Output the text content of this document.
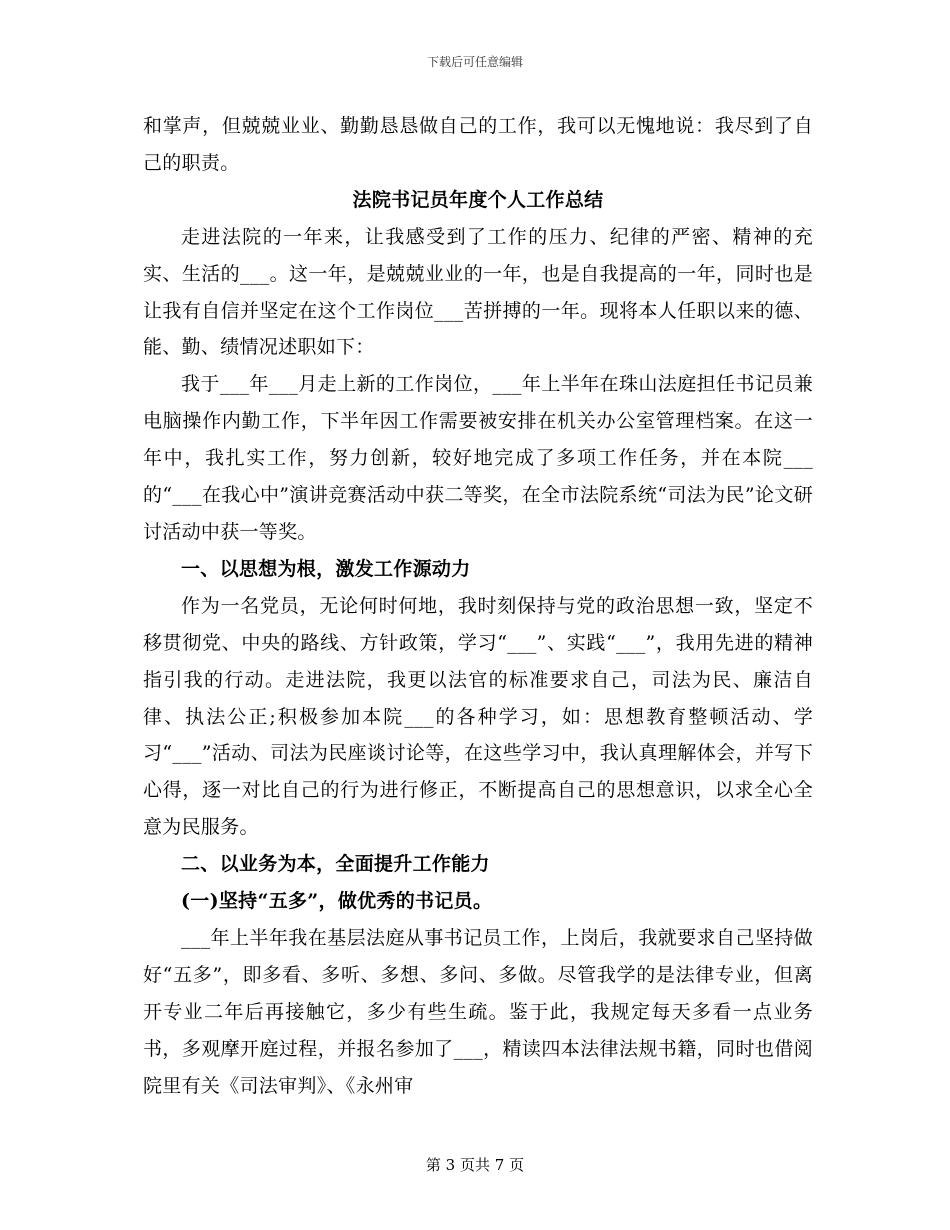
下载后可任意编辑

和掌声，但兢兢业业、勤勤恳恳做自己的工作，我可以无愧地说：我尽到了自己的职责。

法院书记员年度个人工作总结

走进法院的一年来，让我感受到了工作的压力、纪律的严密、精神的充实、生活的___。这一年，是兢兢业业的一年，也是自我提高的一年，同时也是让我有自信并坚定在这个工作岗位___苦拼搏的一年。现将本人任职以来的德、能、勤、绩情况述职如下：

我于___年___月走上新的工作岗位，___年上半年在珠山法庭担任书记员兼电脑操作内勤工作，下半年因工作需要被安排在机关办公室管理档案。在这一年中，我扎实工作，努力创新，较好地完成了多项工作任务，并在本院___的“___在我心中”演讲竞赛活动中获二等奖，在全市法院系统“司法为民”论文研讨活动中获一等奖。

一、以思想为根，激发工作源动力

作为一名党员，无论何时何地，我时刻保持与党的政治思想一致，坚定不移贯彻党、中央的路线、方针政策，学习“___”、实践“___”，我用先进的精神指引我的行动。走进法院，我更以法官的标准要求自己，司法为民、廉洁自律、执法公正;积极参加本院___的各种学习，如：思想教育整顿活动、学习“___”活动、司法为民座谈讨论等，在这些学习中，我认真理解体会，并写下心得，逐一对比自己的行为进行修正，不断提高自己的思想意识，以求全心全意为民服务。

二、以业务为本，全面提升工作能力

(一)坚持“五多”，做优秀的书记员。

___年上半年我在基层法庭从事书记员工作，上岗后，我就要求自己坚持做好“五多”，即多看、多听、多想、多问、多做。尽管我学的是法律专业，但离开专业二年后再接触它，多少有些生疏。鉴于此，我规定每天多看一点业务书，多观摩开庭过程，并报名参加了___，精读四本法律法规书籍，同时也借阅院里有关《司法审判》、《永州审

第 3 页共 7 页
